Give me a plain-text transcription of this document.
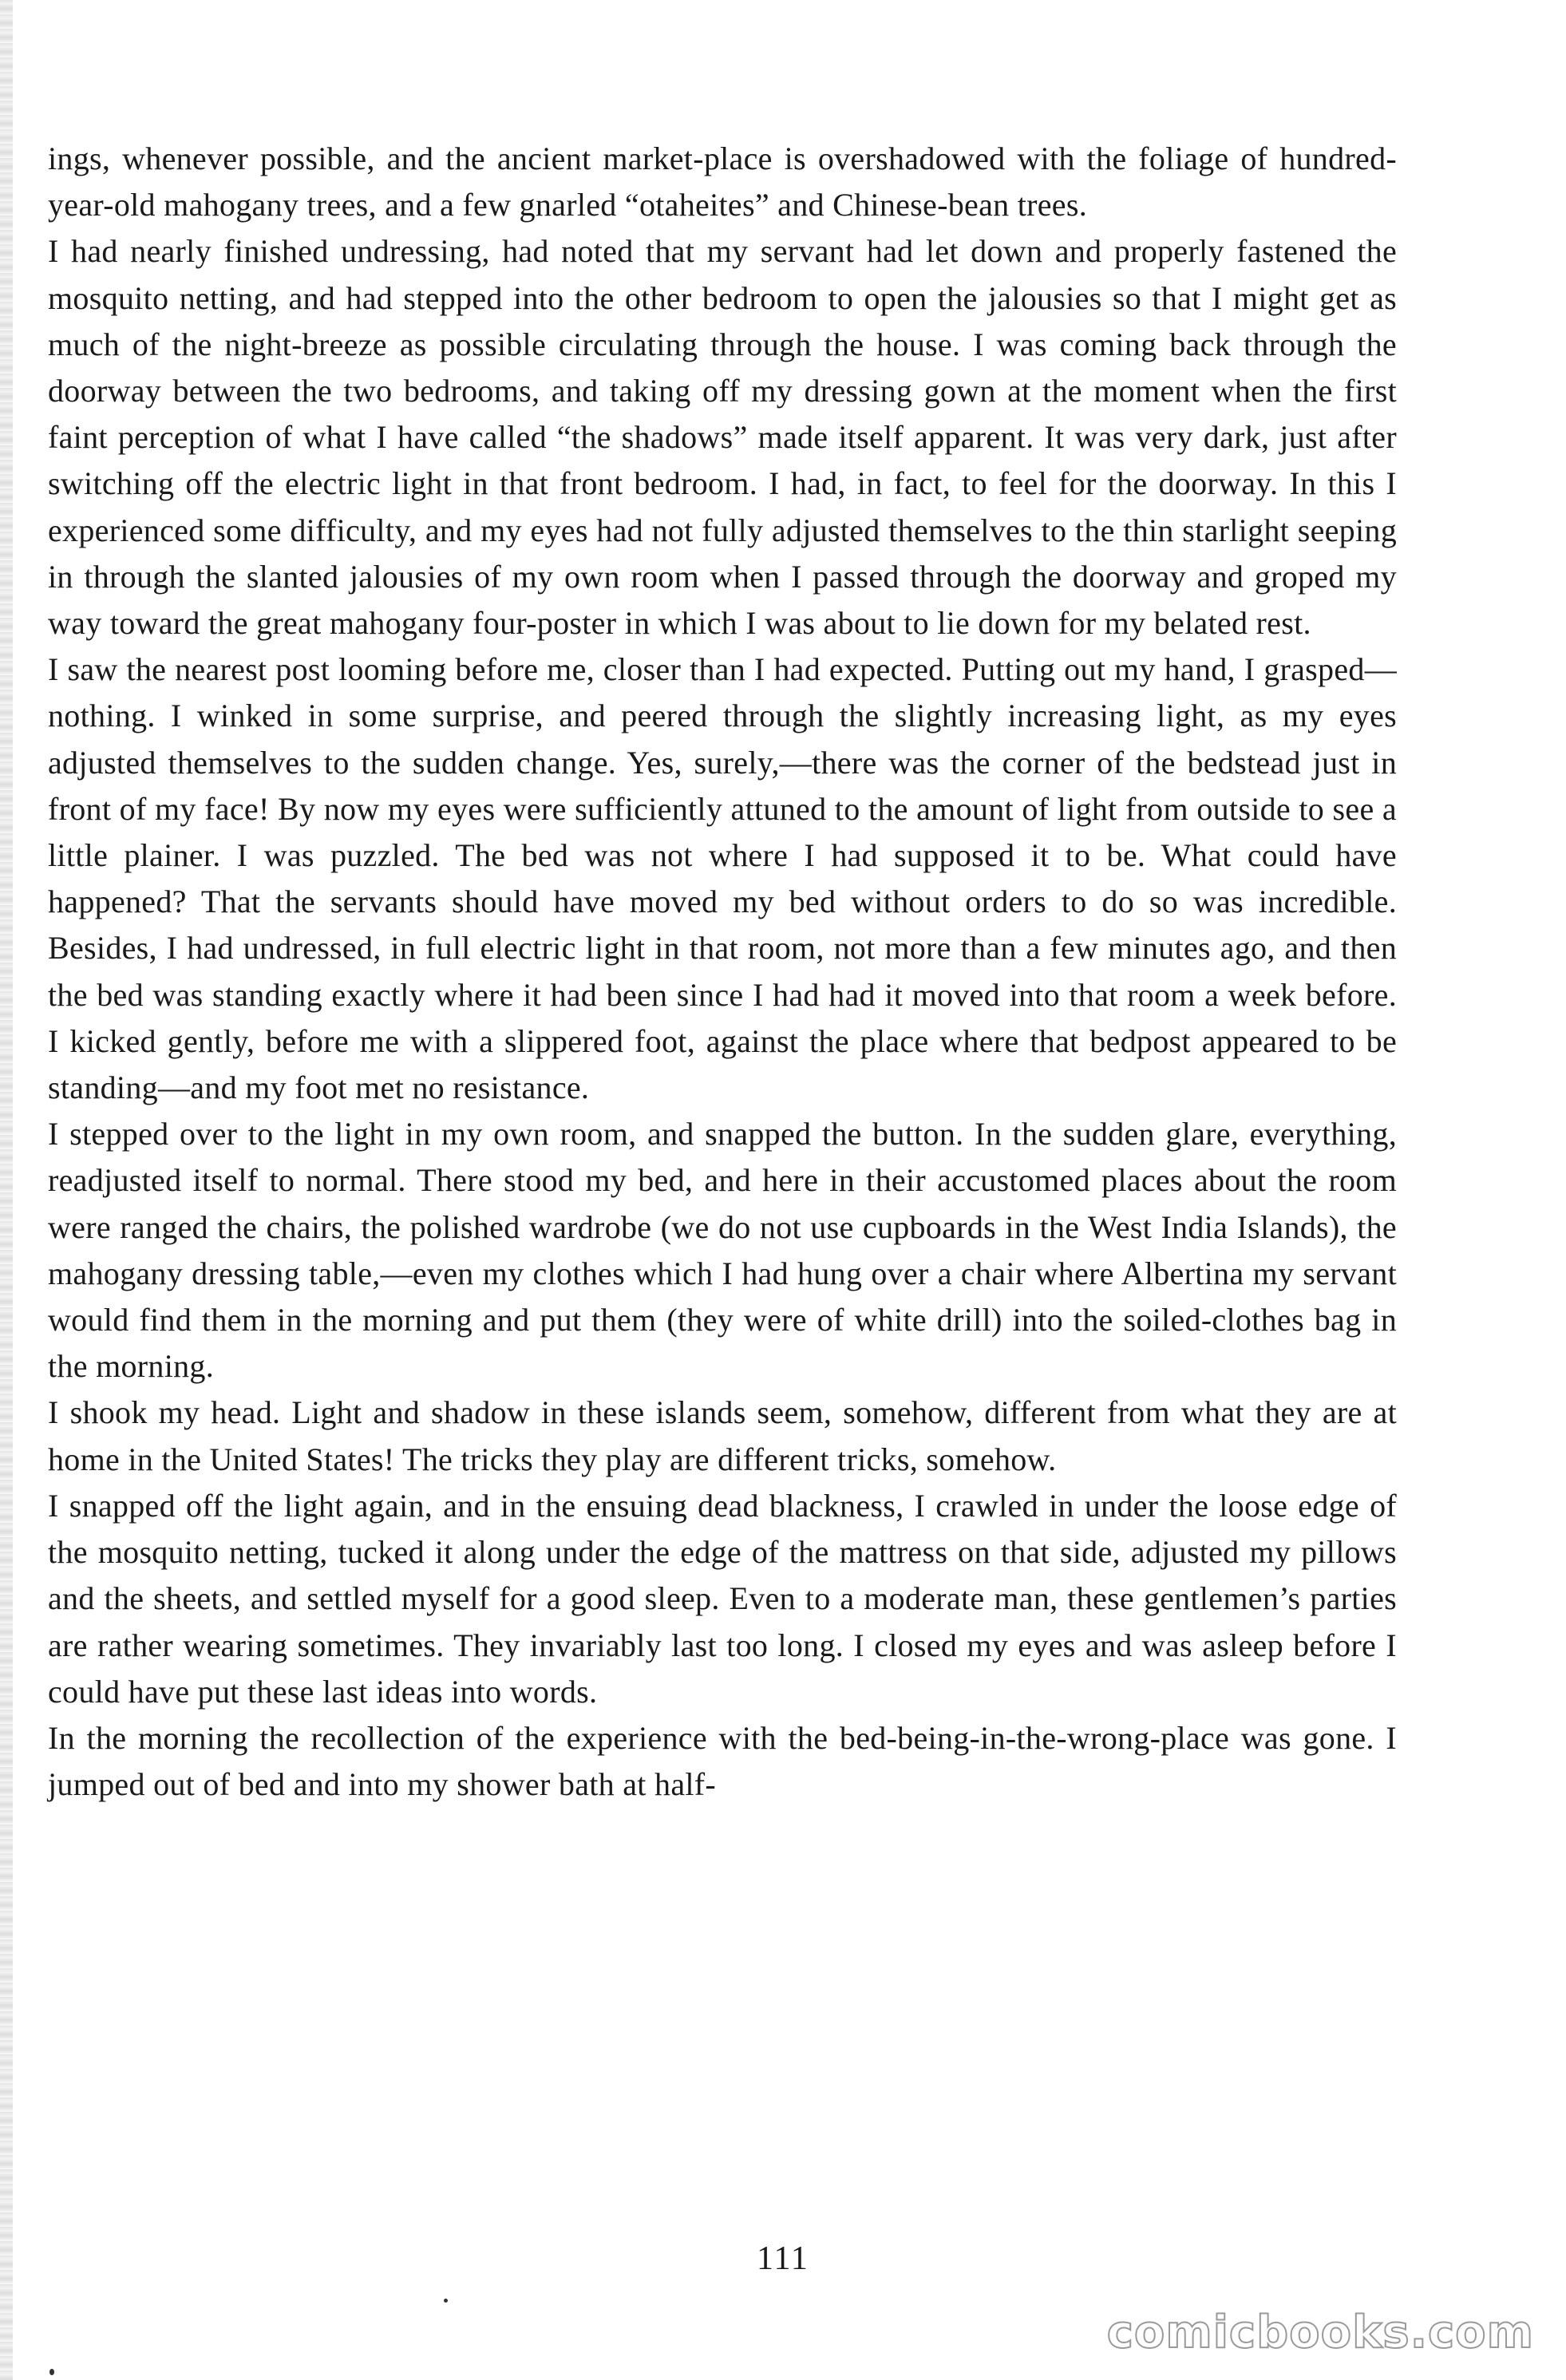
ings, whenever possible, and the ancient market-place is overshadowed with the foliage of hundred-year-old mahogany trees, and a few gnarled “otaheites” and Chinese-bean trees.

I had nearly finished undressing, had noted that my servant had let down and properly fastened the mosquito netting, and had stepped into the other bedroom to open the jalousies so that I might get as much of the night-breeze as possible circulating through the house. I was coming back through the doorway between the two bedrooms, and taking off my dressing gown at the moment when the first faint perception of what I have called “the shadows” made itself apparent. It was very dark, just after switching off the electric light in that front bedroom. I had, in fact, to feel for the doorway. In this I experienced some difficulty, and my eyes had not fully adjusted themselves to the thin starlight seeping in through the slanted jalousies of my own room when I passed through the doorway and groped my way toward the great mahogany four-poster in which I was about to lie down for my belated rest.

I saw the nearest post looming before me, closer than I had expected. Putting out my hand, I grasped—nothing. I winked in some surprise, and peered through the slightly increasing light, as my eyes adjusted themselves to the sudden change. Yes, surely,—there was the corner of the bedstead just in front of my face! By now my eyes were sufficiently attuned to the amount of light from outside to see a little plainer. I was puzzled. The bed was not where I had supposed it to be. What could have happened? That the servants should have moved my bed without orders to do so was incredible. Besides, I had undressed, in full electric light in that room, not more than a few minutes ago, and then the bed was standing exactly where it had been since I had had it moved into that room a week before. I kicked gently, before me with a slippered foot, against the place where that bedpost appeared to be standing—and my foot met no resistance.

I stepped over to the light in my own room, and snapped the button. In the sudden glare, everything, readjusted itself to normal. There stood my bed, and here in their accustomed places about the room were ranged the chairs, the polished wardrobe (we do not use cupboards in the West India Islands), the mahogany dressing table,—even my clothes which I had hung over a chair where Albertina my servant would find them in the morning and put them (they were of white drill) into the soiled-clothes bag in the morning.

I shook my head. Light and shadow in these islands seem, somehow, different from what they are at home in the United States! The tricks they play are different tricks, somehow.

I snapped off the light again, and in the ensuing dead blackness, I crawled in under the loose edge of the mosquito netting, tucked it along under the edge of the mattress on that side, adjusted my pillows and the sheets, and settled myself for a good sleep. Even to a moderate man, these gentlemen’s parties are rather wearing sometimes. They invariably last too long. I closed my eyes and was asleep before I could have put these last ideas into words.

In the morning the recollection of the experience with the bed-being-in-the-wrong-place was gone. I jumped out of bed and into my shower bath at half-

111
comicbooks.com
